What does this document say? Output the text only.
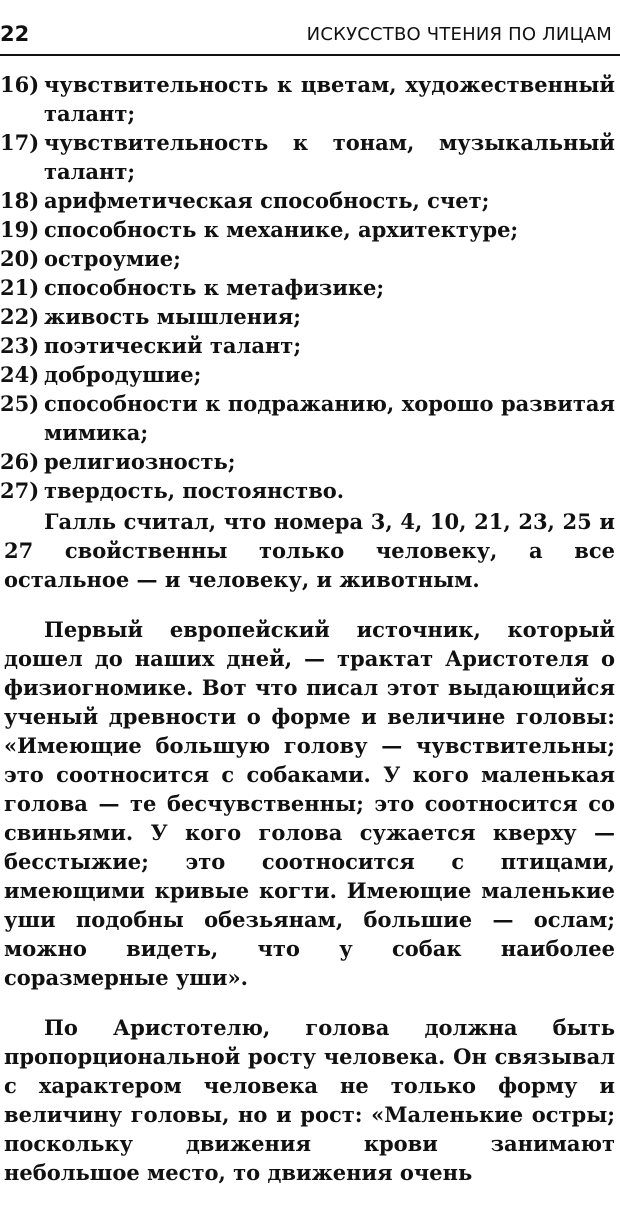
22	ИСКУССТВО ЧТЕНИЯ ПО ЛИЦАМ
16) чувствительность к цветам, художественный талант;
17) чувствительность к тонам, музыкальный талант;
18) арифметическая способность, счет;
19) способность к механике, архитектуре;
20) остроумие;
21) способность к метафизике;
22) живость мышления;
23) поэтический талант;
24) добродушие;
25) способности к подражанию, хорошо развитая мимика;
26) религиозность;
27) твердость, постоянство.

Галль считал, что номера 3, 4, 10, 21, 23, 25 и 27 свойственны только человеку, а все остальное — и человеку, и животным.

Первый европейский источник, который дошел до наших дней, — трактат Аристотеля о физиогномике. Вот что писал этот выдающийся ученый древности о форме и величине головы: «Имеющие большую голову — чувствительны; это соотносится с собаками. У кого маленькая голова — те бесчувственны; это соотносится со свиньями. У кого голова сужается кверху — бесстыжие; это соотносится с птицами, имеющими кривые когти. Имеющие маленькие уши подобны обезьянам, большие — ослам; можно видеть, что у собак наиболее соразмерные уши».

По Аристотелю, голова должна быть пропорциональной росту человека. Он связывал с характером человека не только форму и величину головы, но и рост: «Маленькие остры; поскольку движения крови занимают небольшое место, то движения очень
